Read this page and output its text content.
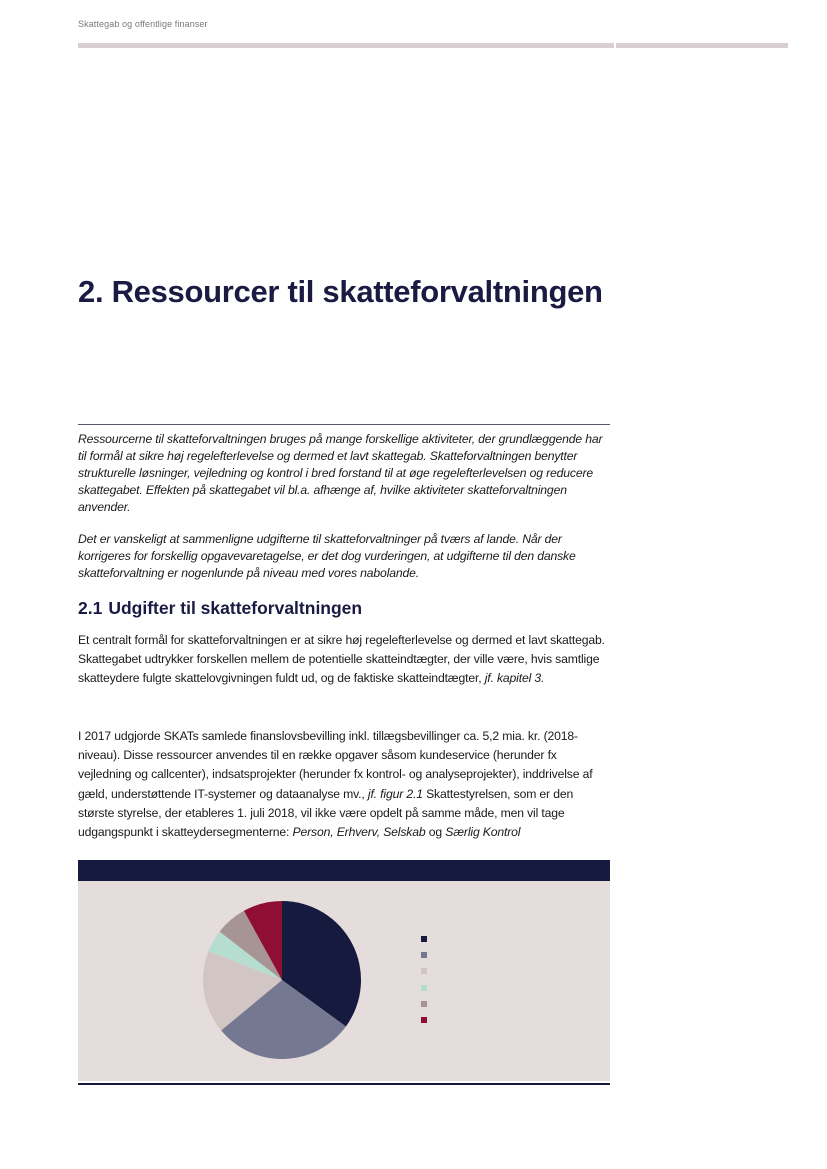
Skattegab og offentlige finanser
2. Ressourcer til skatteforvaltningen

Ressourcerne til skatteforvaltningen bruges på mange forskellige aktiviteter, der grundlæggende har til formål at sikre høj regelefterlevelse og dermed et lavt skattegab. Skatteforvaltningen benytter strukturelle løsninger, vejledning og kontrol i bred forstand til at øge regelefterlevelsen og reducere skattegabet. Effekten på skattegabet vil bl.a. afhænge af, hvilke aktiviteter skatteforvaltningen anvender.

Det er vanskeligt at sammenligne udgifterne til skatteforvaltninger på tværs af lande. Når der korrigeres for forskellig opgavevaretagelse, er det dog vurderingen, at udgifterne til den danske skatteforvaltning er nogenlunde på niveau med vores nabolande.

2.1 Udgifter til skatteforvaltningen

Et centralt formål for skatteforvaltningen er at sikre høj regelefterlevelse og dermed et lavt skattegab. Skattegabet udtrykker forskellen mellem de potentielle skatteindtægter, der ville være, hvis samtlige skatteydere fulgte skattelovgivningen fuldt ud, og de faktiske skatteindtægter, jf. kapitel 3.

I 2017 udgjorde SKATs samlede finanslovsbevilling inkl. tillægsbevillinger ca. 5,2 mia. kr. (2018-niveau). Disse ressourcer anvendes til en række opgaver såsom kundeservice (herunder fx vejledning og callcenter), indsatsprojekter (herunder fx kontrol- og analyseprojekter), inddrivelse af gæld, understøttende IT-systemer og dataanalyse mv., jf. figur 2.1 Skattestyrelsen, som er den største styrelse, der etableres 1. juli 2018, vil ikke være opdelt på samme måde, men vil tage udgangspunkt i skatteydersegmenterne: Person, Erhverv, Selskab og Særlig Kontrol
